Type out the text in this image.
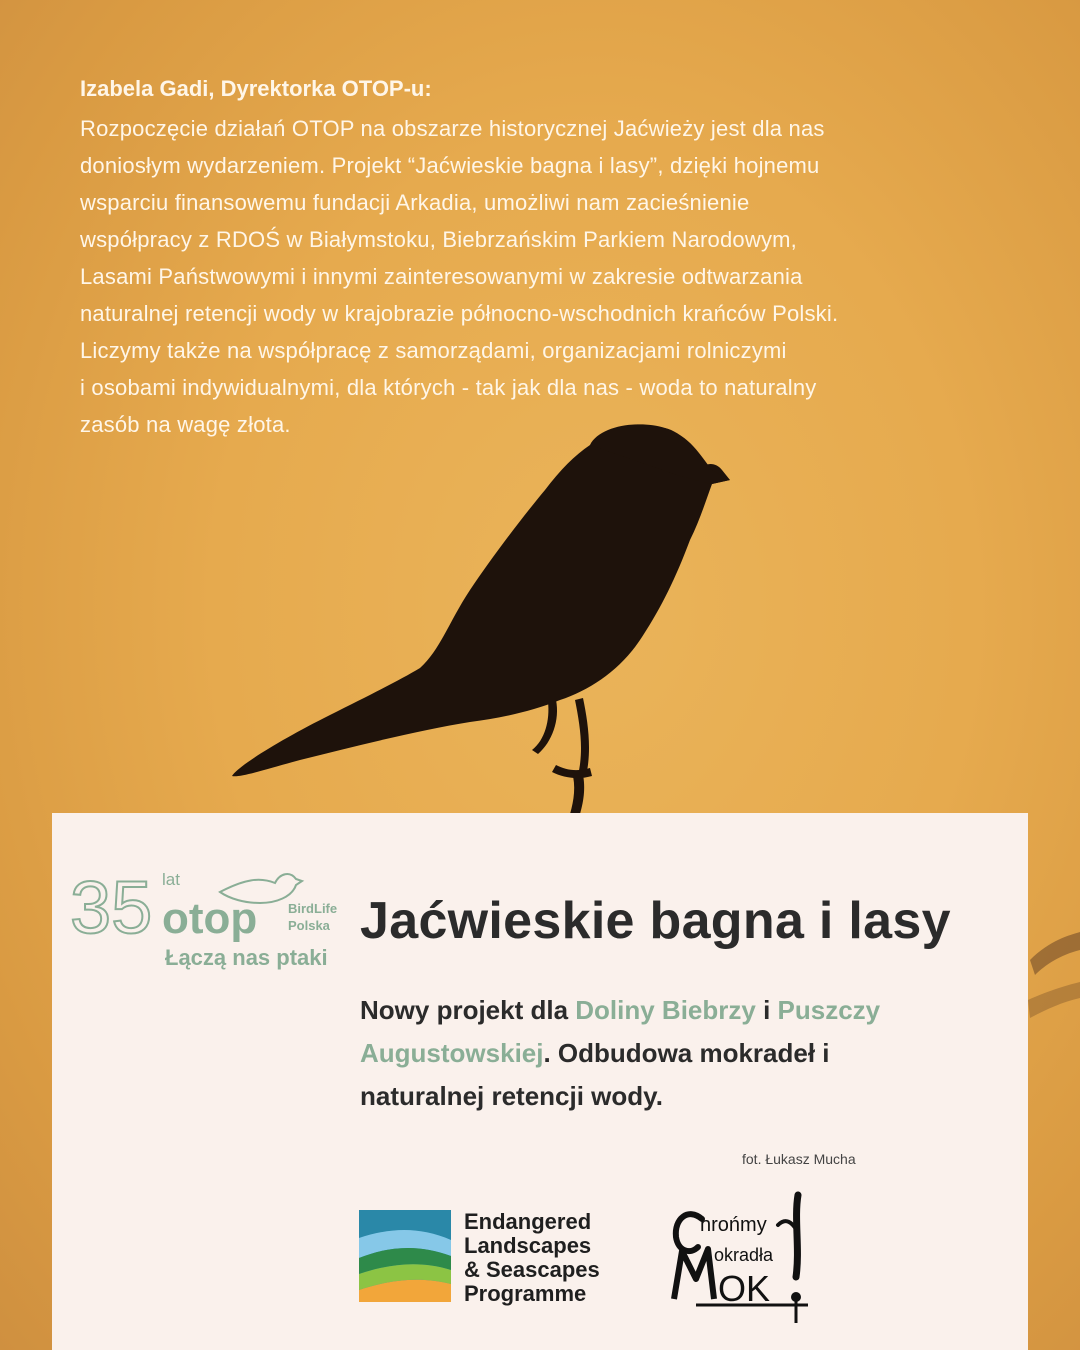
Izabela Gadi, Dyrektorka OTOP-u:

Rozpoczęcie działań OTOP na obszarze historycznej Jaćwieży jest dla nas
doniosłym wydarzeniem. Projekt “Jaćwieskie bagna i lasy”, dzięki hojnemu
wsparciu finansowemu fundacji Arkadia, umożliwi nam zacieśnienie
współpracy z RDOŚ w Białymstoku, Biebrzańskim Parkiem Narodowym,
Lasami Państwowymi i innymi zainteresowanymi w zakresie odtwarzania
naturalnej retencji wody w krajobrazie północno-wschodnich krańców Polski.
Liczymy także na współpracę z samorządami, organizacjami rolniczymi
i osobami indywidualnymi, dla których - tak jak dla nas - woda to naturalny
zasób na wagę złota.

35 lat
otop BirdLife
Polska
Łączą nas ptaki
Jaćwieskie bagna i lasy

Nowy projekt dla Doliny Biebrzy i Puszczy Augustowskiej. Odbudowa mokradeł i naturalnej retencji wody.

fot. Łukasz Mucha
Endangered
Landscapes
& Seascapes
Programme
hrońmy
okradła
OK
